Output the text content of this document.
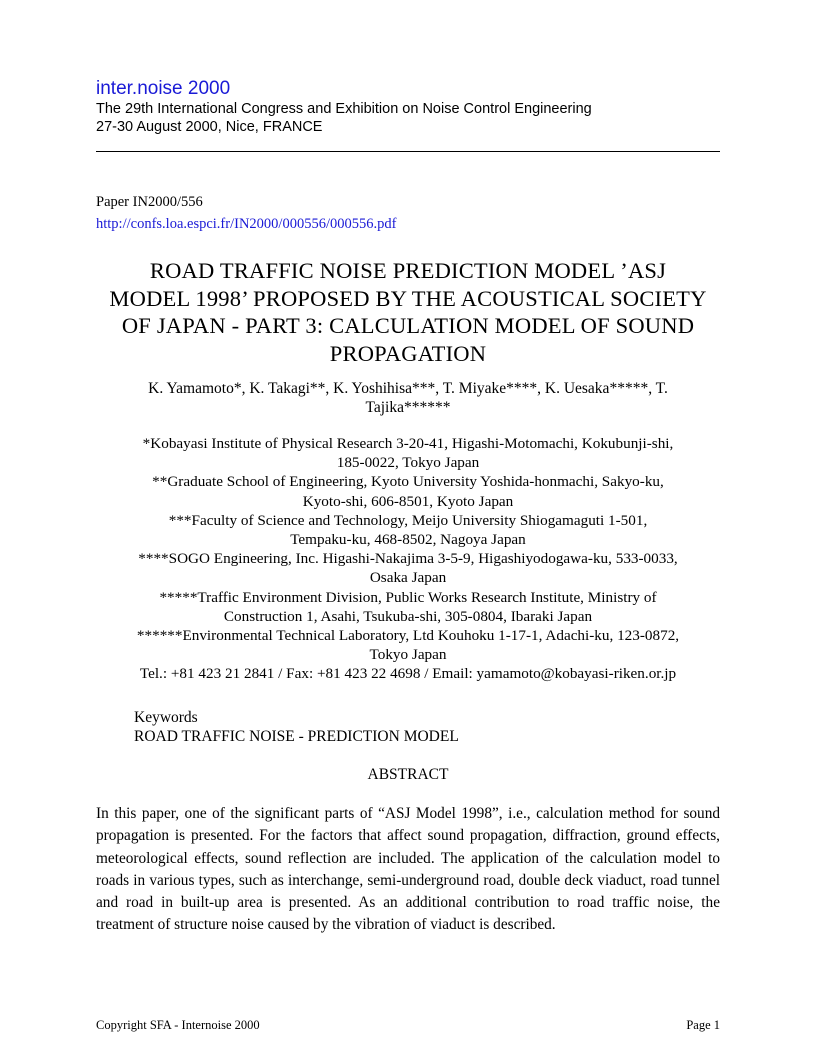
inter.noise 2000
The 29th International Congress and Exhibition on Noise Control Engineering
27-30 August 2000, Nice, FRANCE
Paper IN2000/556
http://confs.loa.espci.fr/IN2000/000556/000556.pdf
ROAD TRAFFIC NOISE PREDICTION MODEL ’ASJ
MODEL 1998’ PROPOSED BY THE ACOUSTICAL SOCIETY
OF JAPAN - PART 3: CALCULATION MODEL OF SOUND
PROPAGATION
K. Yamamoto*, K. Takagi**, K. Yoshihisa***, T. Miyake****, K. Uesaka*****, T.
Tajika******
*Kobayasi Institute of Physical Research 3-20-41, Higashi-Motomachi, Kokubunji-shi,
185-0022, Tokyo Japan
**Graduate School of Engineering, Kyoto University Yoshida-honmachi, Sakyo-ku,
Kyoto-shi, 606-8501, Kyoto Japan
***Faculty of Science and Technology, Meijo University Shiogamaguti 1-501,
Tempaku-ku, 468-8502, Nagoya Japan
****SOGO Engineering, Inc. Higashi-Nakajima 3-5-9, Higashiyodogawa-ku, 533-0033,
Osaka Japan
*****Traffic Environment Division, Public Works Research Institute, Ministry of
Construction 1, Asahi, Tsukuba-shi, 305-0804, Ibaraki Japan
******Environmental Technical Laboratory, Ltd Kouhoku 1-17-1, Adachi-ku, 123-0872,
Tokyo Japan
Tel.: +81 423 21 2841 / Fax: +81 423 22 4698 / Email: yamamoto@kobayasi-riken.or.jp
Keywords
ROAD TRAFFIC NOISE - PREDICTION MODEL
ABSTRACT
In this paper, one of the significant parts of “ASJ Model 1998”, i.e., calculation method for sound propagation is presented. For the factors that affect sound propagation, diffraction, ground effects, meteorological effects, sound reflection are included. The application of the calculation model to roads in various types, such as interchange, semi-underground road, double deck viaduct, road tunnel and road in built-up area is presented. As an additional contribution to road traffic noise, the treatment of structure noise caused by the vibration of viaduct is described.
Copyright SFA - Internoise 2000	Page 1
